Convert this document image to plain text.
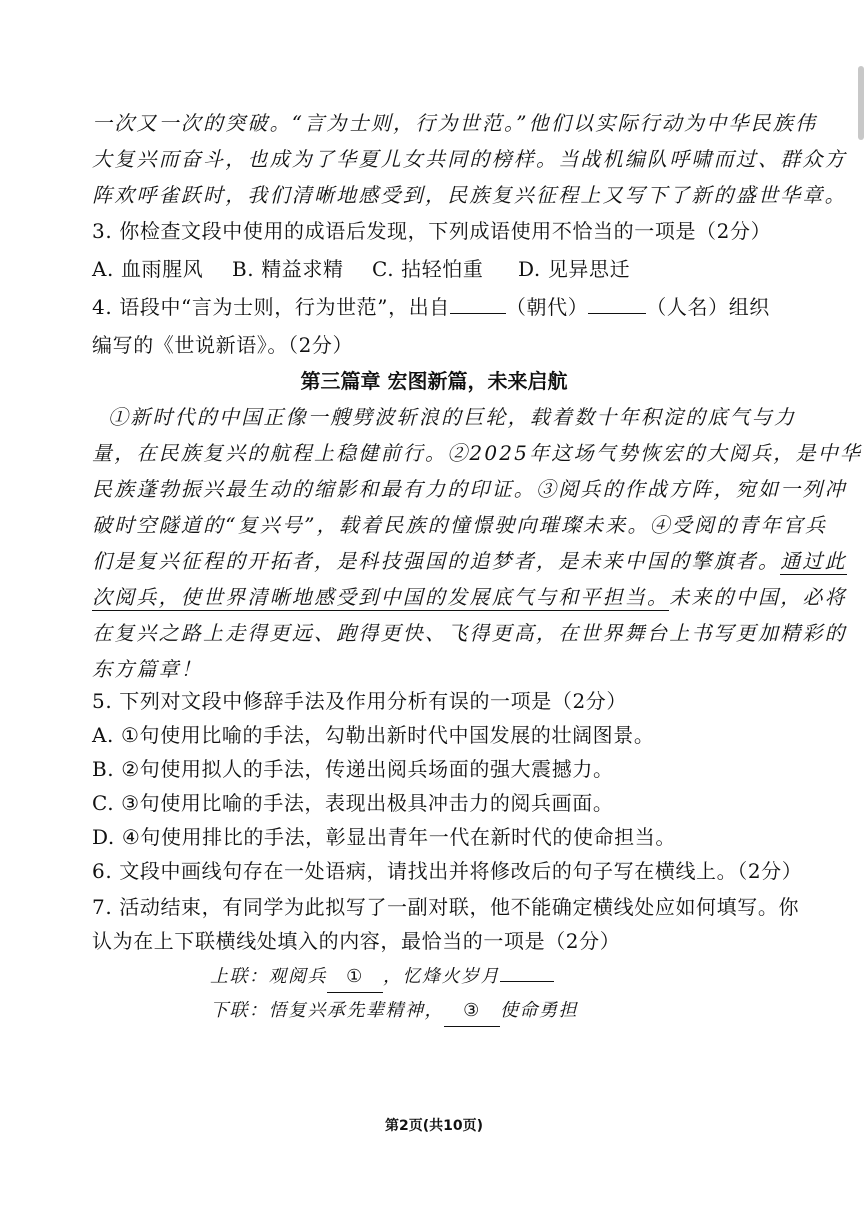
一次又一次的突破。“言为士则，行为世范。”他们以实际行动为中华民族伟
大复兴而奋斗，也成为了华夏儿女共同的榜样。当战机编队呼啸而过、群众方
阵欢呼雀跃时，我们清晰地感受到，民族复兴征程上又写下了新的盛世华章。
3. 你检查文段中使用的成语后发现，下列成语使用不恰当的一项是（2分）
A. 血雨腥风 B. 精益求精 C. 拈轻怕重 D. 见异思迁
4. 语段中“言为士则，行为世范”，出自	（朝代）	（人名）组织
编写的《世说新语》。（2分）
第三篇章 宏图新篇，未来启航
①新时代的中国正像一艘劈波斩浪的巨轮，载着数十年积淀的底气与力
量，在民族复兴的航程上稳健前行。②2025年这场气势恢宏的大阅兵，是中华
民族蓬勃振兴最生动的缩影和最有力的印证。③阅兵的作战方阵，宛如一列冲
破时空隧道的“复兴号”，载着民族的憧憬驶向璀璨未来。④受阅的青年官兵
们是复兴征程的开拓者，是科技强国的追梦者，是未来中国的擎旗者。通过此
次阅兵，使世界清晰地感受到中国的发展底气与和平担当。未来的中国，必将
在复兴之路上走得更远、跑得更快、飞得更高，在世界舞台上书写更加精彩的
东方篇章！
5. 下列对文段中修辞手法及作用分析有误的一项是（2分）
A. ①句使用比喻的手法，勾勒出新时代中国发展的壮阔图景。
B. ②句使用拟人的手法，传递出阅兵场面的强大震撼力。
C. ③句使用比喻的手法，表现出极具冲击力的阅兵画面。
D. ④句使用排比的手法，彰显出青年一代在新时代的使命担当。
6. 文段中画线句存在一处语病，请找出并将修改后的句子写在横线上。（2分）
7. 活动结束，有同学为此拟写了一副对联，他不能确定横线处应如何填写。你
认为在上下联横线处填入的内容，最恰当的一项是（2分）
上联：观阅兵 ① ，忆烽火岁月
下联：悟复兴承先辈精神， ③ 使命勇担
第2页(共10页)
